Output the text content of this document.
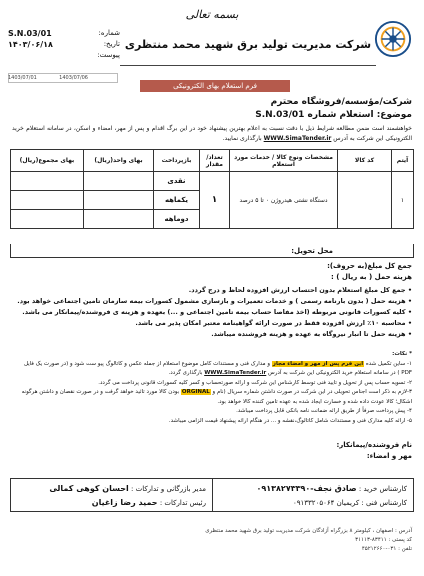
بسمه تعالی
شماره:
S.N.03/01
تاریخ:
۱۴۰۳/۰۶/۱۸
پیوست:
شرکت مدیریت تولید برق شهید محمد منتظری
1403/07/06
1403/07/01
فرم استعلام بهای الکترونیکی
شرکت/مؤسسه/فروشگاه محترم
موضوع: استعلام شماره S.N.03/01
خواهشمند است ضمن مطالعه شرایط ذیل با دقت نسبت به اعلام بهترین پیشنهاد خود در این برگ اقدام و پس از مهر، امضاء و اسکن، در سامانه استعلام خرید الکترونیکی این شرکت به آدرس WWW.SimaTender.ir بارگذاری نمایید.
آیتم	کد کالا	مشخصات ونوع کالا / خدمات مورد استعلام	تعداد/مقدار	بازپرداخت	بهای واحد(ریال)	بهای مجموع(ریال)
۱		دستگاه نشتی هیدروژن ۰ تا ۵ درصد	۱	نقدی		
				یکماهه		
				دوماهه		
محل تحویل:
جمع کل مبلغ(به حروف):
هزینه حمل ( به ریال ) :
• جمع کل مبلغ استعلام بدون احتساب ارزش افزوده لحاظ و درج گردد.
• هزینه حمل ( بدون بارنامه رسمی ) و خدمات تعمیرات و بازسازی مشمول کسورات بیمه سازمان تامین اجتماعی خواهد بود.
• کلیه کسورات قانونی مربوطه (اخذ مفاصا حساب بیمه تامین اجتماعی و ...) بعهده و هزینه ی فروشنده/پیمانکار می باشد.
• محاسبه ۱۰٪ ارزش افزوده فقط در صورت ارائه گواهینامه معتبر امکان پذیر می باشد.
• هزینه حمل تا انبار نیروگاه به عهده و هزینه فروشنده میباشد.
* نکات:
۱- ساین تکمیل شده این فرم پس از مهر و امضاء مجاز و مدارک فنی و مستندات کامل موضوع استعلام از جمله عکس و کاتالوگ پیو ست شود و (در صورت یک فایل PDF ) در سامانه استعلام خرید الکترونیکی این شرکت به آدرس WWW.SimaTender.ir بارگذاری گردد.
۲- تسویه حساب پس از تحویل و تایید فنی توسط کارشناس این شرکت و ارائه صورتحساب و کسر کلیه کسورات قانونی پرداخت می گردد.
۳-لازم به ذکر است اجناس تحویلی در این شرکت در صورت داشتن شماره سریال (نام و ORGINAL بودن کالا مورد تائید خواهد گرفت و در صورت نقصان و داشتن هرگونه اشکال؛ کالا عودت داده شده و خسارت ایجاد شده به عهده تامین کننده کالا خواهد بود.
۴- پیش پرداخت صرفاً از طریق ارائه ضمانت نامه بانکی قابل پرداخت میباشد.
۵- ارائه کلیه مدارک فنی و مستندات شامل کاتالوگ،نقشه و ... در هنگام ارائه پیشنهاد قیمت الزامی میباشد.
نام فروشنده/پیمانکار:
مهر و امضاء:
کارشناس خرید : صادق نجف-۰۹۱۳۸۲۷۳۳۹۰
کارشناس فنی : کریمیان ۰۹۱۳۳۲۰۵۰۶۴
مدیر بازرگانی و تدارکات : احسان کوهی کمالی
رئیس تدارکات : حمید رضا زاغیان
آدرس : اصفهان ، کیلومتر ۸ بزرگراه آزادگان شرکت مدیریت تولید برق شهید محمد منتظری
کد پستی : ۸۳۴۱۱-۳۱۱۱۳
تلفن : ۰۳۱-۴۵۲۱۲۶۶۰
